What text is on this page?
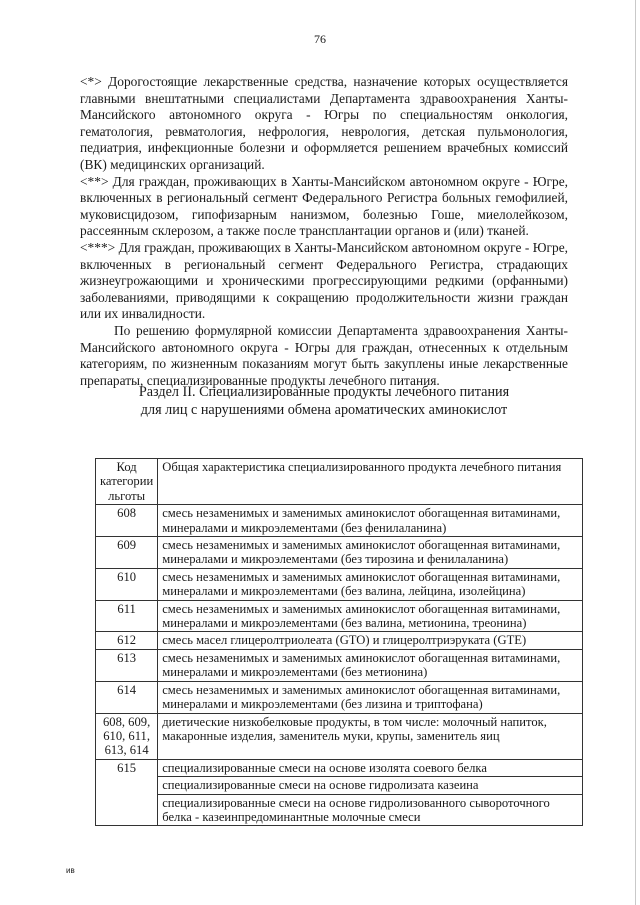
76

<*> Дорогостоящие лекарственные средства, назначение которых осуществляется главными внештатными специалистами Департамента здравоохранения Ханты-Мансийского автономного округа - Югры по специальностям онкология, гематология, ревматология, нефрология, неврология, детская пульмонология, педиатрия, инфекционные болезни и оформляется решением врачебных комиссий (ВК) медицинских организаций.

<**> Для граждан, проживающих в Ханты-Мансийском автономном округе - Югре, включенных в региональный сегмент Федерального Регистра больных гемофилией, муковисцидозом, гипофизарным нанизмом, болезнью Гоше, миелолейкозом, рассеянным склерозом, а также после трансплантации органов и (или) тканей.

<***> Для граждан, проживающих в Ханты-Мансийском автономном округе - Югре, включенных в региональный сегмент Федерального Регистра, страдающих жизнеугрожающими и хроническими прогрессирующими редкими (орфанными) заболеваниями, приводящими к сокращению продолжительности жизни граждан или их инвалидности.

По решению формулярной комиссии Департамента здравоохранения Ханты-Мансийского автономного округа - Югры для граждан, отнесенных к отдельным категориям, по жизненным показаниям могут быть закуплены иные лекарственные препараты, специализированные продукты лечебного питания.

Раздел II. Специализированные продукты лечебного питания
для лиц с нарушениями обмена ароматических аминокислот
Код категории льготы	Общая характеристика специализированного продукта лечебного питания
608	смесь незаменимых и заменимых аминокислот обогащенная витаминами, минералами и микроэлементами (без фенилаланина)
609	смесь незаменимых и заменимых аминокислот обогащенная витаминами, минералами и микроэлементами (без тирозина и фенилаланина)
610	смесь незаменимых и заменимых аминокислот обогащенная витаминами, минералами и микроэлементами (без валина, лейцина, изолейцина)
611	смесь незаменимых и заменимых аминокислот обогащенная витаминами, минералами и микроэлементами (без валина, метионина, треонина)
612	смесь масел глицеролтриолеата (GTO) и глицеролтриэруката (GTE)
613	смесь незаменимых и заменимых аминокислот обогащенная витаминами, минералами и микроэлементами (без метионина)
614	смесь незаменимых и заменимых аминокислот обогащенная витаминами, минералами и микроэлементами (без лизина и триптофана)
608, 609, 610, 611, 613, 614	диетические низкобелковые продукты, в том числе: молочный напиток, макаронные изделия, заменитель муки, крупы, заменитель яиц
615	специализированные смеси на основе изолята соевого белка
специализированные смеси на основе гидролизата казеина
специализированные смеси на основе гидролизованного сывороточного белка - казеинпредоминантные молочные смеси
ив
